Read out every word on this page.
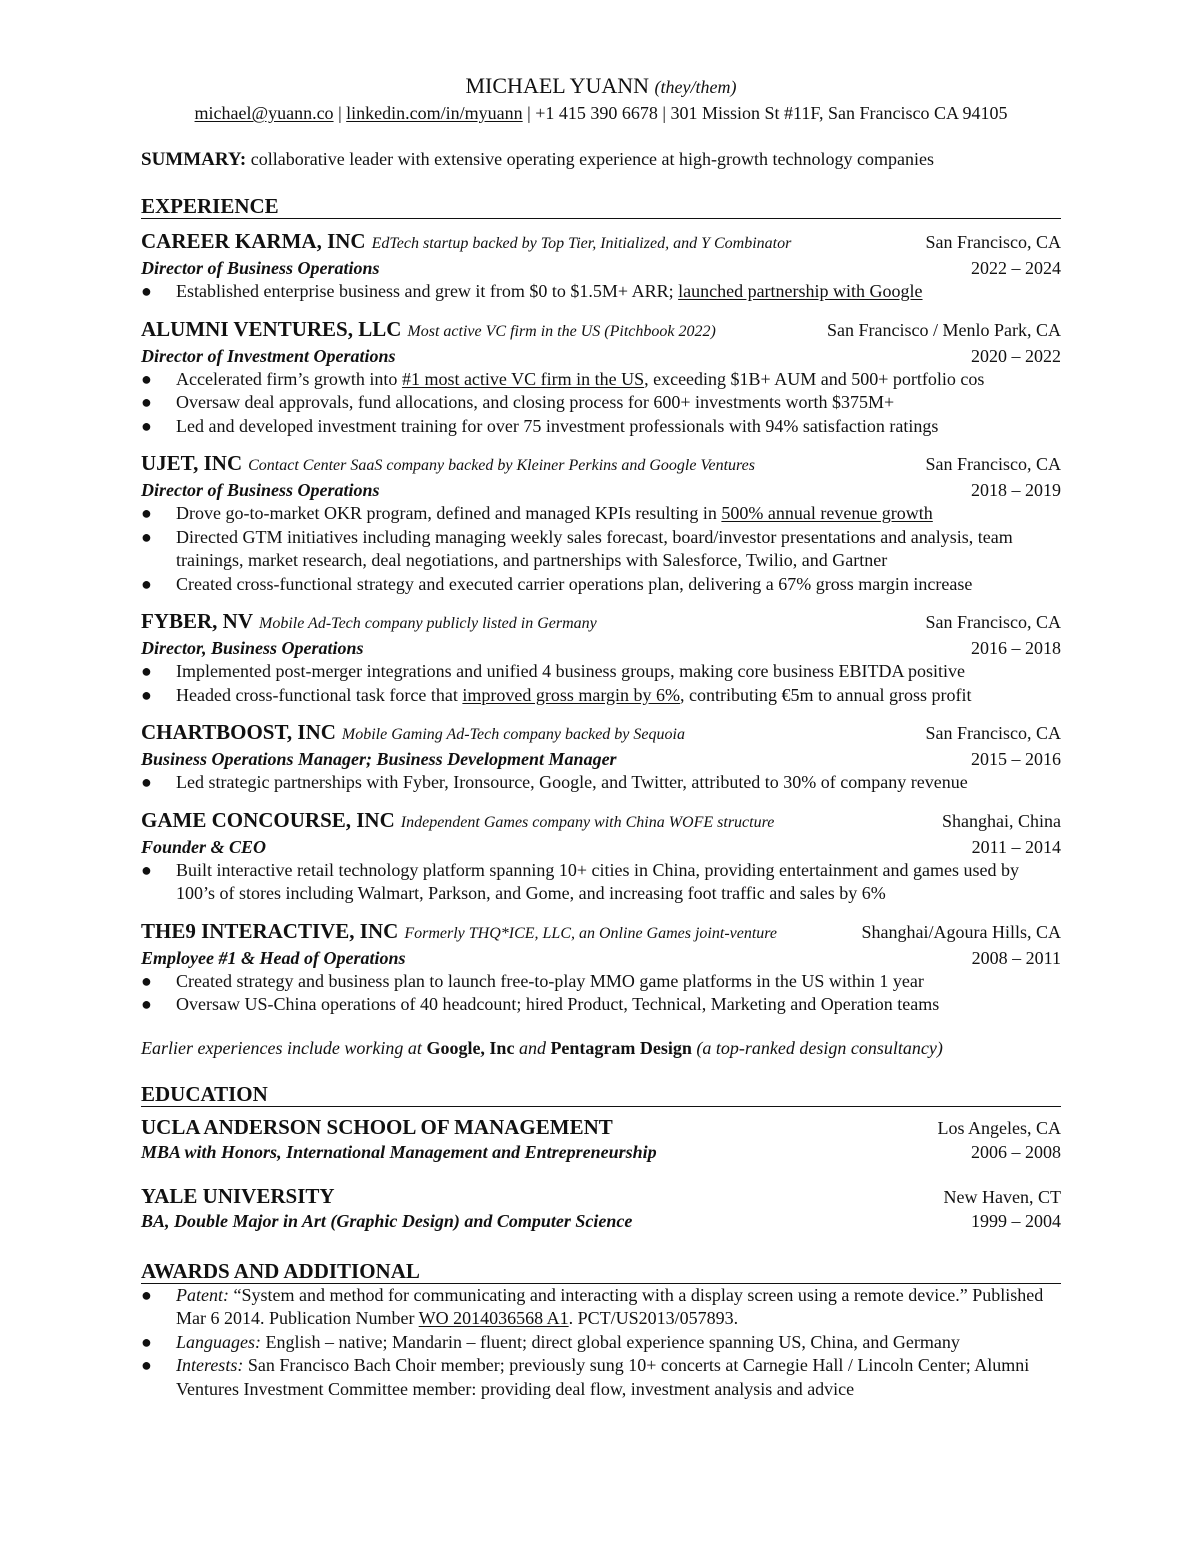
MICHAEL YUANN (they/them)
michael@yuann.co | linkedin.com/in/myuann | +1 415 390 6678 | 301 Mission St #11F, San Francisco CA 94105
SUMMARY: collaborative leader with extensive operating experience at high-growth technology companies
EXPERIENCE
CAREER KARMA, INC EdTech startup backed by Top Tier, Initialized, and Y Combinator	San Francisco, CA
Director of Business Operations	2022 – 2024
● Established enterprise business and grew it from $0 to $1.5M+ ARR; launched partnership with Google
ALUMNI VENTURES, LLC Most active VC firm in the US (Pitchbook 2022)	San Francisco / Menlo Park, CA
Director of Investment Operations	2020 – 2022
● Accelerated firm’s growth into #1 most active VC firm in the US, exceeding $1B+ AUM and 500+ portfolio cos
● Oversaw deal approvals, fund allocations, and closing process for 600+ investments worth $375M+
● Led and developed investment training for over 75 investment professionals with 94% satisfaction ratings
UJET, INC Contact Center SaaS company backed by Kleiner Perkins and Google Ventures	San Francisco, CA
Director of Business Operations	2018 – 2019
● Drove go-to-market OKR program, defined and managed KPIs resulting in 500% annual revenue growth
● Directed GTM initiatives including managing weekly sales forecast, board/investor presentations and analysis, team trainings, market research, deal negotiations, and partnerships with Salesforce, Twilio, and Gartner
● Created cross-functional strategy and executed carrier operations plan, delivering a 67% gross margin increase
FYBER, NV Mobile Ad-Tech company publicly listed in Germany	San Francisco, CA
Director, Business Operations	2016 – 2018
● Implemented post-merger integrations and unified 4 business groups, making core business EBITDA positive
● Headed cross-functional task force that improved gross margin by 6%, contributing €5m to annual gross profit
CHARTBOOST, INC Mobile Gaming Ad-Tech company backed by Sequoia	San Francisco, CA
Business Operations Manager; Business Development Manager	2015 – 2016
● Led strategic partnerships with Fyber, Ironsource, Google, and Twitter, attributed to 30% of company revenue
GAME CONCOURSE, INC Independent Games company with China WOFE structure	Shanghai, China
Founder & CEO	2011 – 2014
● Built interactive retail technology platform spanning 10+ cities in China, providing entertainment and games used by 100’s of stores including Walmart, Parkson, and Gome, and increasing foot traffic and sales by 6%
THE9 INTERACTIVE, INC Formerly THQ*ICE, LLC, an Online Games joint-venture	Shanghai/Agoura Hills, CA
Employee #1 & Head of Operations	2008 – 2011
● Created strategy and business plan to launch free-to-play MMO game platforms in the US within 1 year
● Oversaw US-China operations of 40 headcount; hired Product, Technical, Marketing and Operation teams
Earlier experiences include working at Google, Inc and Pentagram Design (a top-ranked design consultancy)
EDUCATION
UCLA ANDERSON SCHOOL OF MANAGEMENT	Los Angeles, CA
MBA with Honors, International Management and Entrepreneurship	2006 – 2008
YALE UNIVERSITY	New Haven, CT
BA, Double Major in Art (Graphic Design) and Computer Science	1999 – 2004
AWARDS AND ADDITIONAL
● Patent: “System and method for communicating and interacting with a display screen using a remote device.” Published Mar 6 2014. Publication Number WO 2014036568 A1. PCT/US2013/057893.
● Languages: English – native; Mandarin – fluent; direct global experience spanning US, China, and Germany
● Interests: San Francisco Bach Choir member; previously sung 10+ concerts at Carnegie Hall / Lincoln Center; Alumni Ventures Investment Committee member: providing deal flow, investment analysis and advice
